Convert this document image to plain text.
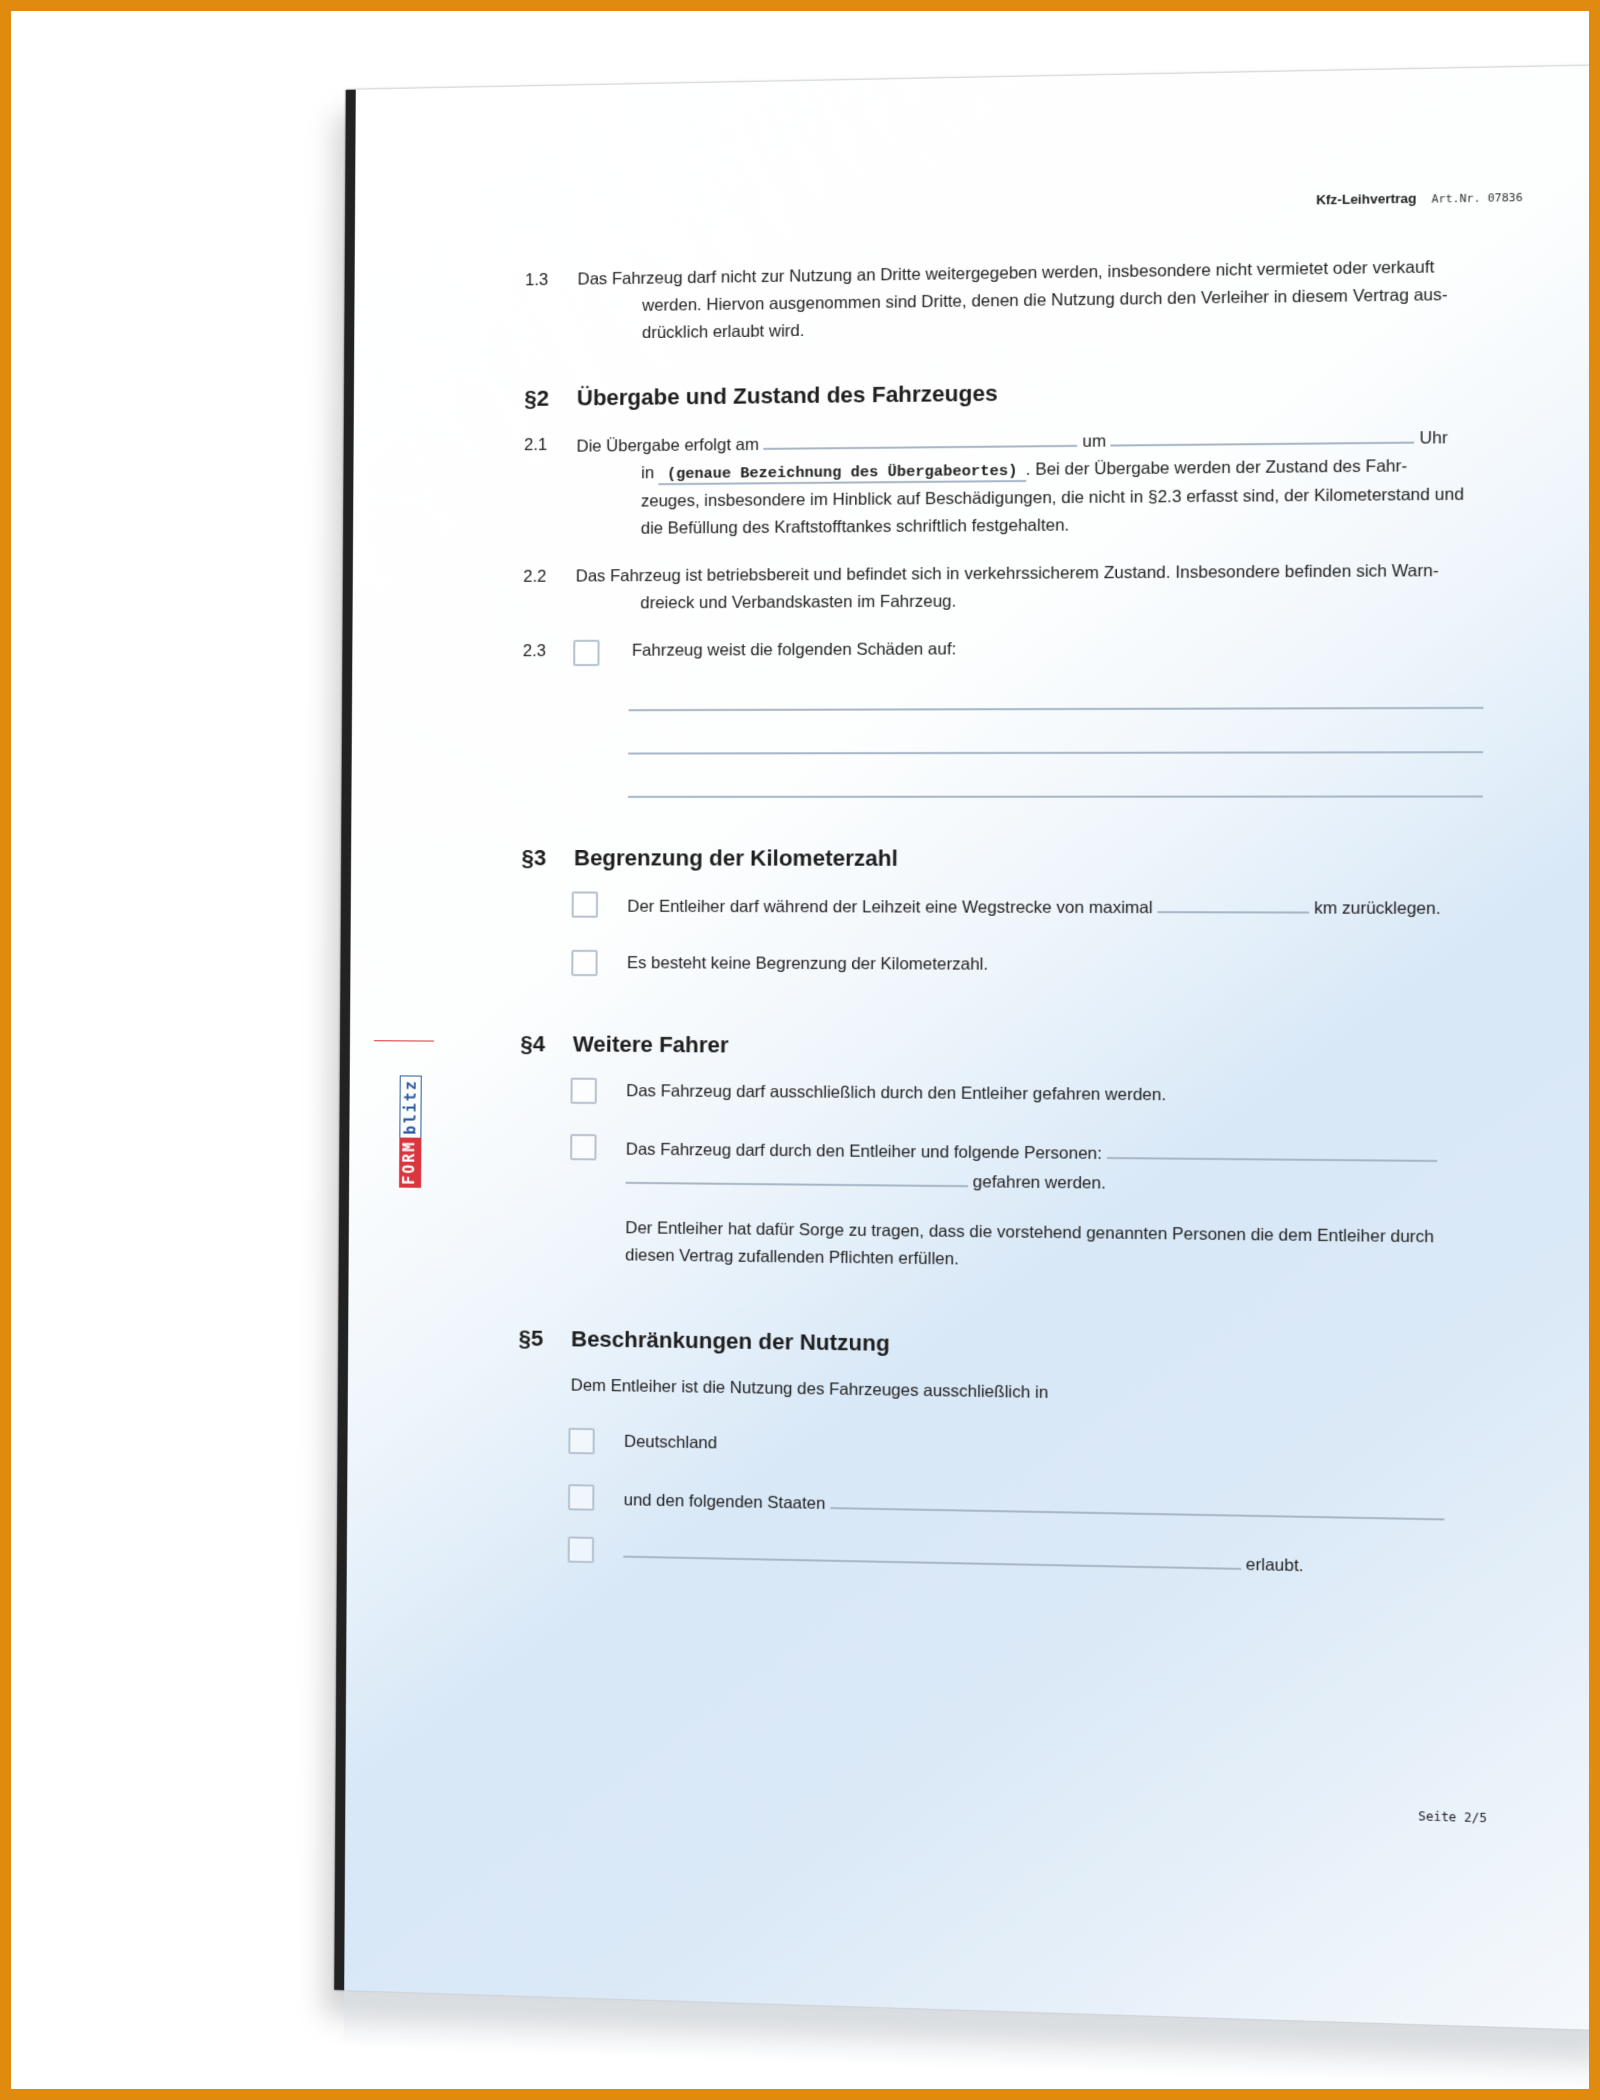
Kfz-Leihvertrag Art.Nr. 07836
FORM
blitz
1.3	Das Fahrzeug darf nicht zur Nutzung an Dritte weitergegeben werden, insbesondere nicht vermietet oder verkauft
werden. Hiervon ausgenommen sind Dritte, denen die Nutzung durch den Verleiher in diesem Vertrag aus-
drücklich erlaubt wird.
§2 Übergabe und Zustand des Fahrzeuges
2.1	Die Übergabe erfolgt am	um	Uhr
in (genaue Bezeichnung des Übergabeortes) . Bei der Übergabe werden der Zustand des Fahr-
zeuges, insbesondere im Hinblick auf Beschädigungen, die nicht in §2.3 erfasst sind, der Kilometerstand und
die Befüllung des Kraftstofftankes schriftlich festgehalten.
2.2	Das Fahrzeug ist betriebsbereit und befindet sich in verkehrssicherem Zustand. Insbesondere befinden sich Warn-
dreieck und Verbandskasten im Fahrzeug.
2.3	Fahrzeug weist die folgenden Schäden auf:
§3 Begrenzung der Kilometerzahl
Der Entleiher darf während der Leihzeit eine Wegstrecke von maximal	km zurücklegen.
Es besteht keine Begrenzung der Kilometerzahl.
§4 Weitere Fahrer
Das Fahrzeug darf ausschließlich durch den Entleiher gefahren werden.
Das Fahrzeug darf durch den Entleiher und folgende Personen:
gefahren werden.
Der Entleiher hat dafür Sorge zu tragen, dass die vorstehend genannten Personen die dem Entleiher durch
diesen Vertrag zufallenden Pflichten erfüllen.
§5 Beschränkungen der Nutzung
Dem Entleiher ist die Nutzung des Fahrzeuges ausschließlich in
Deutschland
und den folgenden Staaten
erlaubt.
Seite 2/5
